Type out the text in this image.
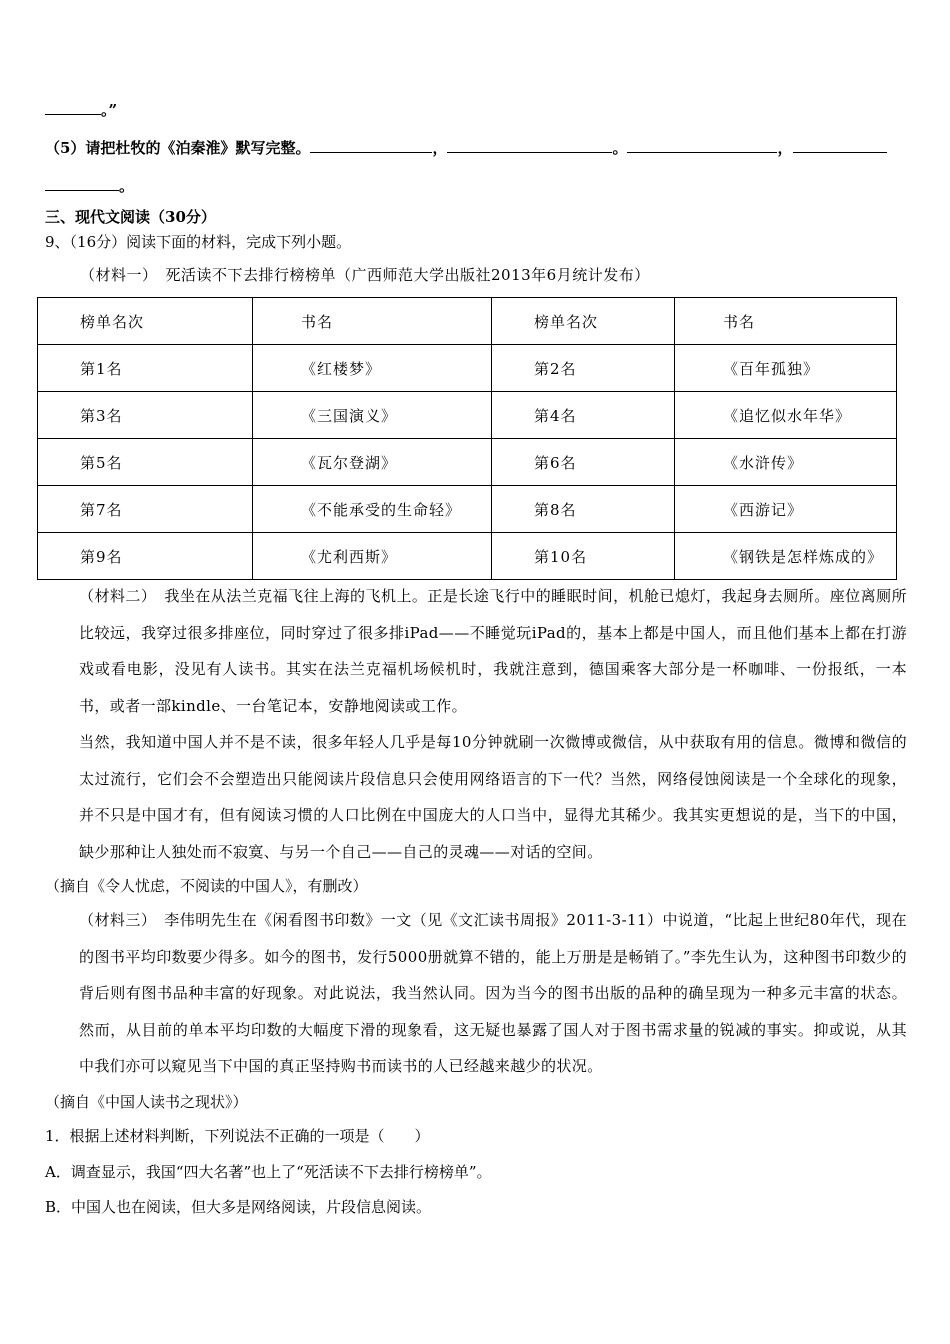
。”
（5）请把杜牧的《泊秦淮》默写完整。	，	。	，
。
三、现代文阅读（30分）
9、（16分）阅读下面的材料，完成下列小题。
（材料一）　死活读不下去排行榜榜单（广西师范大学出版社2013年6月统计发布）
榜单名次	书名	榜单名次	书名
第1名	《红楼梦》	第2名	《百年孤独》
第3名	《三国演义》	第4名	《追忆似水年华》
第5名	《瓦尔登湖》	第6名	《水浒传》
第7名	《不能承受的生命轻》	第8名	《西游记》
第9名	《尤利西斯》	第10名	《钢铁是怎样炼成的》

（材料二）　我坐在从法兰克福飞往上海的飞机上。正是长途飞行中的睡眠时间，机舱已熄灯，我起身去厕所。座位离厕所比较远，我穿过很多排座位，同时穿过了很多排iPad——不睡觉玩iPad的，基本上都是中国人，而且他们基本上都在打游戏或看电影，没见有人读书。其实在法兰克福机场候机时，我就注意到，德国乘客大部分是一杯咖啡、一份报纸，一本书，或者一部kindle、一台笔记本，安静地阅读或工作。

当然，我知道中国人并不是不读，很多年轻人几乎是每10分钟就刷一次微博或微信，从中获取有用的信息。微博和微信的太过流行，它们会不会塑造出只能阅读片段信息只会使用网络语言的下一代？当然，网络侵蚀阅读是一个全球化的现象，并不只是中国才有，但有阅读习惯的人口比例在中国庞大的人口当中，显得尤其稀少。我其实更想说的是，当下的中国，缺少那种让人独处而不寂寞、与另一个自己——自己的灵魂——对话的空间。

（摘自《令人忧虑，不阅读的中国人》，有删改）

（材料三）　李伟明先生在《闲看图书印数》一文（见《文汇读书周报》2011-3-11）中说道，“比起上世纪80年代，现在的图书平均印数要少得多。如今的图书，发行5000册就算不错的，能上万册是是畅销了。”李先生认为，这种图书印数少的背后则有图书品种丰富的好现象。对此说法，我当然认同。因为当今的图书出版的品种的确呈现为一种多元丰富的状态。然而，从目前的单本平均印数的大幅度下滑的现象看，这无疑也暴露了国人对于图书需求量的锐减的事实。抑或说，从其中我们亦可以窥见当下中国的真正坚持购书而读书的人已经越来越少的状况。

（摘自《中国人读书之现状》）
1．根据上述材料判断，下列说法不正确的一项是（　　）
A．调查显示，我国“四大名著”也上了“死活读不下去排行榜榜单”。
B．中国人也在阅读，但大多是网络阅读，片段信息阅读。
